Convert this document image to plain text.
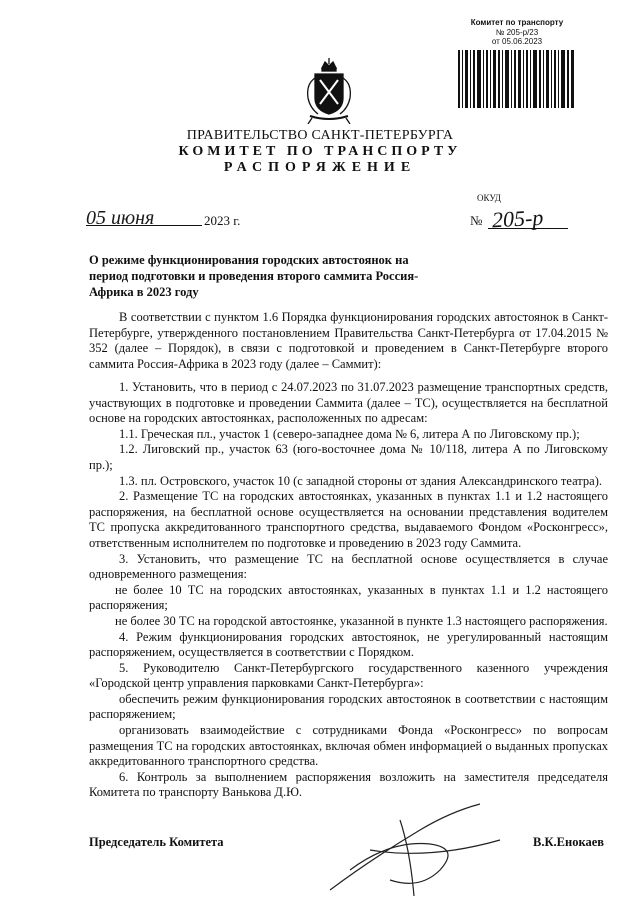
Комитет по транспорту
№ 205-р/23
от 05.06.2023
ПРАВИТЕЛЬСТВО САНКТ-ПЕТЕРБУРГА
КОМИТЕТ ПО ТРАНСПОРТУ
РАСПОРЯЖЕНИЕ
ОКУД
05 июня	2023 г.	№ 205-р
О режиме функционирования городских автостоянок на период подготовки и проведения второго саммита Россия-Африка в 2023 году

В соответствии с пунктом 1.6 Порядка функционирования городских автостоянок в Санкт-Петербурге, утвержденного постановлением Правительства Санкт-Петербурга от 17.04.2015 № 352 (далее – Порядок), в связи с подготовкой и проведением в Санкт-Петербурге второго саммита Россия-Африка в 2023 году (далее – Саммит):

1. Установить, что в период с 24.07.2023 по 31.07.2023 размещение транспортных средств, участвующих в подготовке и проведении Саммита (далее – ТС), осуществляется на бесплатной основе на городских автостоянках, расположенных по адресам:

1.1. Греческая пл., участок 1 (северо-западнее дома № 6, литера А по Лиговскому пр.);

1.2. Лиговский пр., участок 63 (юго-восточнее дома № 10/118, литера А по Лиговскому пр.);

1.3. пл. Островского, участок 10 (с западной стороны от здания Александринского театра).

2. Размещение ТС на городских автостоянках, указанных в пунктах 1.1 и 1.2 настоящего распоряжения, на бесплатной основе осуществляется на основании представления водителем ТС пропуска аккредитованного транспортного средства, выдаваемого Фондом «Росконгресс», ответственным исполнителем по подготовке и проведению в 2023 году Саммита.

3. Установить, что размещение ТС на бесплатной основе осуществляется в случае одновременного размещения:

не более 10 ТС на городских автостоянках, указанных в пунктах 1.1 и 1.2 настоящего распоряжения;

не более 30 ТС на городской автостоянке, указанной в пункте 1.3 настоящего распоряжения.

4. Режим функционирования городских автостоянок, не урегулированный настоящим распоряжением, осуществляется в соответствии с Порядком.

5. Руководителю Санкт-Петербургского государственного казенного учреждения «Городской центр управления парковками Санкт-Петербурга»:

обеспечить режим функционирования городских автостоянок в соответствии с настоящим распоряжением;

организовать взаимодействие с сотрудниками Фонда «Росконгресс» по вопросам размещения ТС на городских автостоянках, включая обмен информацией о выданных пропусках аккредитованного транспортного средства.

6. Контроль за выполнением распоряжения возложить на заместителя председателя Комитета по транспорту Ванькова Д.Ю.

Председатель Комитета	В.К.Енокаев
